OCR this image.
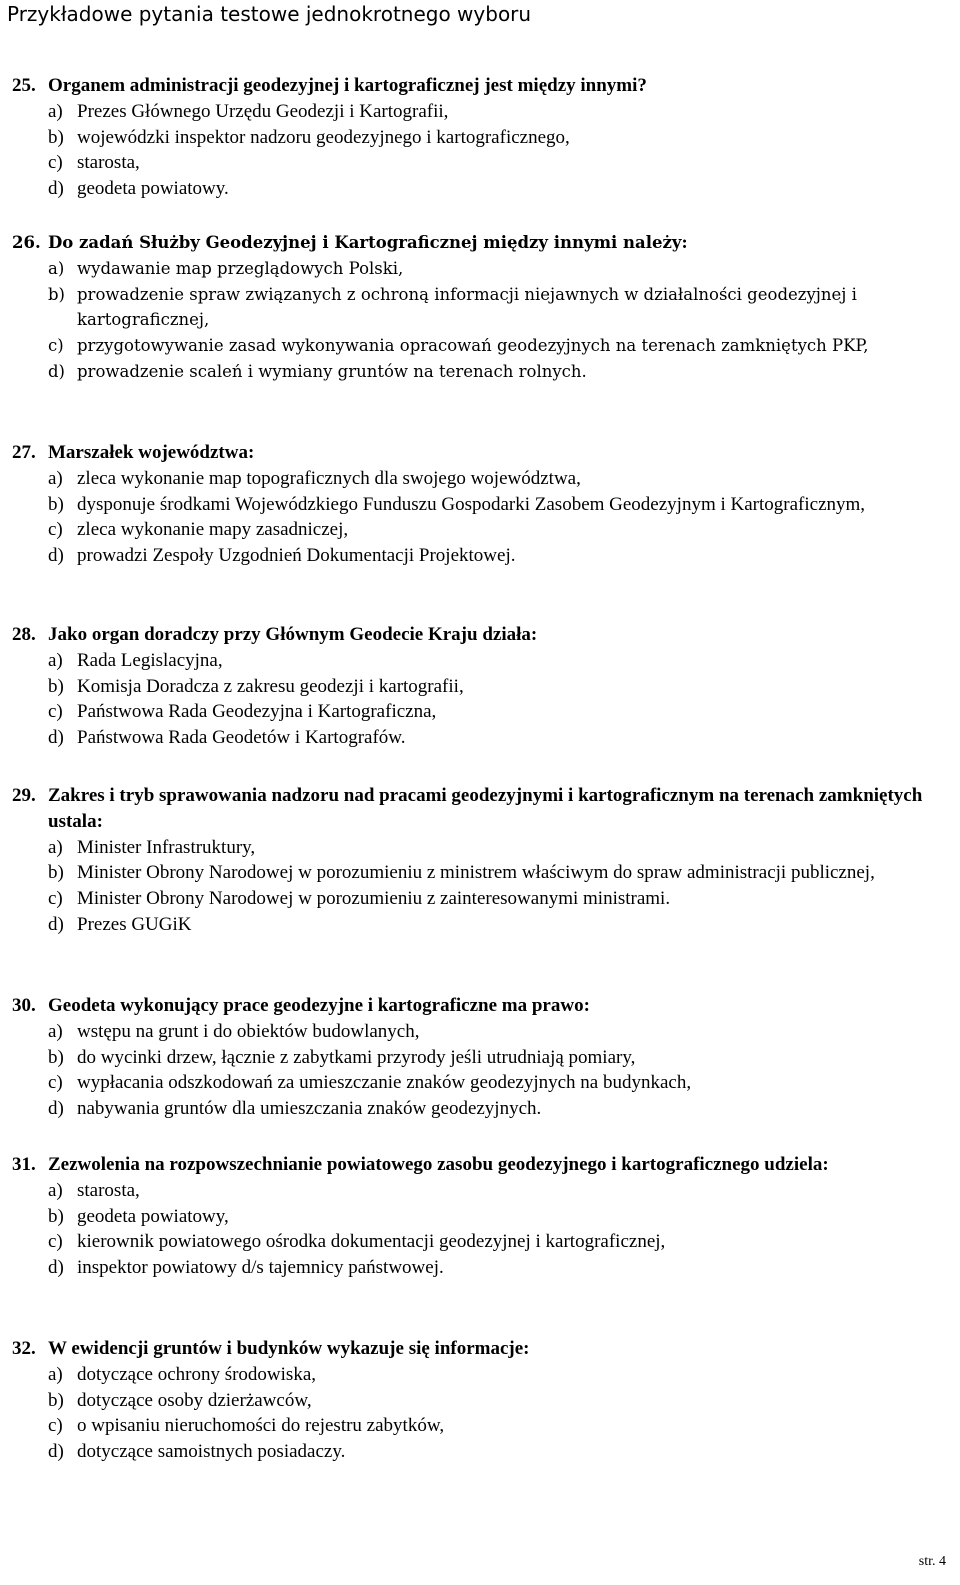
Przykładowe pytania testowe jednokrotnego wyboru
25. Organem administracji geodezyjnej i kartograficznej jest między innymi?
a) Prezes Głównego Urzędu Geodezji i Kartografii,
b) wojewódzki inspektor nadzoru geodezyjnego i kartograficznego,
c) starosta,
d) geodeta powiatowy.
26. Do zadań Służby Geodezyjnej i Kartograficznej między innymi należy:
a) wydawanie map przeglądowych Polski,
b) prowadzenie spraw związanych z ochroną informacji niejawnych w działalności geodezyjnej i kartograficznej,
c) przygotowywanie zasad wykonywania opracowań geodezyjnych na terenach zamkniętych PKP,
d) prowadzenie scaleń i wymiany gruntów na terenach rolnych.
27. Marszałek województwa:
a) zleca wykonanie map topograficznych dla swojego województwa,
b) dysponuje środkami Wojewódzkiego Funduszu Gospodarki Zasobem Geodezyjnym i Kartograficznym,
c) zleca wykonanie mapy zasadniczej,
d) prowadzi Zespoły Uzgodnień Dokumentacji Projektowej.
28. Jako organ doradczy przy Głównym Geodecie Kraju działa:
a) Rada Legislacyjna,
b) Komisja Doradcza z zakresu geodezji i kartografii,
c) Państwowa Rada Geodezyjna i Kartograficzna,
d) Państwowa Rada Geodetów i Kartografów.
29. Zakres i tryb sprawowania nadzoru nad pracami geodezyjnymi i kartograficznym na terenach zamkniętych ustala:
a) Minister Infrastruktury,
b) Minister Obrony Narodowej w porozumieniu z ministrem właściwym do spraw administracji publicznej,
c) Minister Obrony Narodowej w porozumieniu z zainteresowanymi ministrami.
d) Prezes GUGiK
30. Geodeta wykonujący prace geodezyjne i kartograficzne ma prawo:
a) wstępu na grunt i do obiektów budowlanych,
b) do wycinki drzew, łącznie z zabytkami przyrody jeśli utrudniają pomiary,
c) wypłacania odszkodowań za umieszczanie znaków geodezyjnych na budynkach,
d) nabywania gruntów dla umieszczania znaków geodezyjnych.
31. Zezwolenia na rozpowszechnianie powiatowego zasobu geodezyjnego i kartograficznego udziela:
a) starosta,
b) geodeta powiatowy,
c) kierownik powiatowego ośrodka dokumentacji geodezyjnej i kartograficznej,
d) inspektor powiatowy d/s tajemnicy państwowej.
32. W ewidencji gruntów i budynków wykazuje się informacje:
a) dotyczące ochrony środowiska,
b) dotyczące osoby dzierżawców,
c) o wpisaniu nieruchomości do rejestru zabytków,
d) dotyczące samoistnych posiadaczy.
str. 4
